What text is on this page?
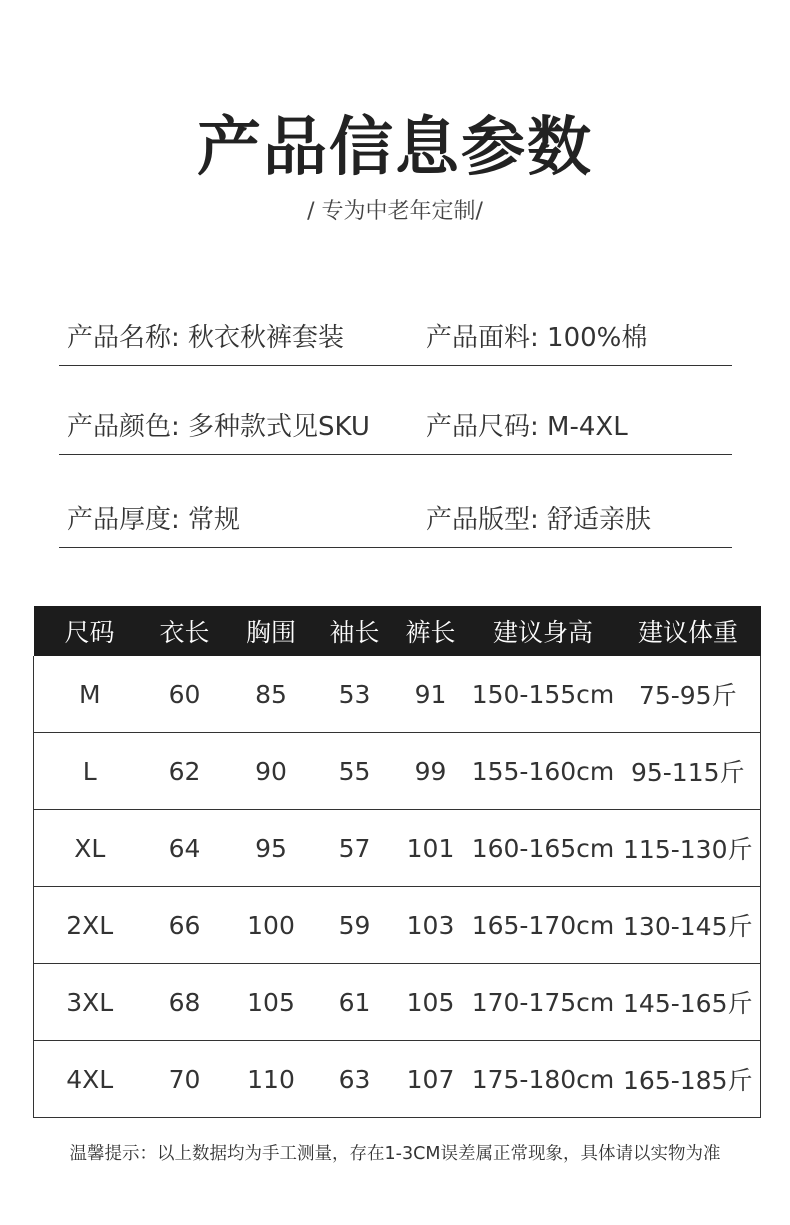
产品信息参数
/ 专为中老年定制/
产品名称: 秋衣秋裤套装	产品面料: 100%棉
产品颜色: 多种款式见SKU 产品尺码: M-4XL
产品厚度: 常规	产品版型: 舒适亲肤
尺码	衣长	胸围	袖长	裤长	建议身高	建议体重
M	60	85	53	91	150-155cm	75-95斤
L	62	90	55	99	155-160cm	95-115斤
XL	64	95	57	101	160-165cm	115-130斤
2XL	66	100	59	103	165-170cm	130-145斤
3XL	68	105	61	105	170-175cm	145-165斤
4XL	70	110	63	107	175-180cm	165-185斤
温馨提示：以上数据均为手工测量，存在1-3CM误差属正常现象，具体请以实物为准
